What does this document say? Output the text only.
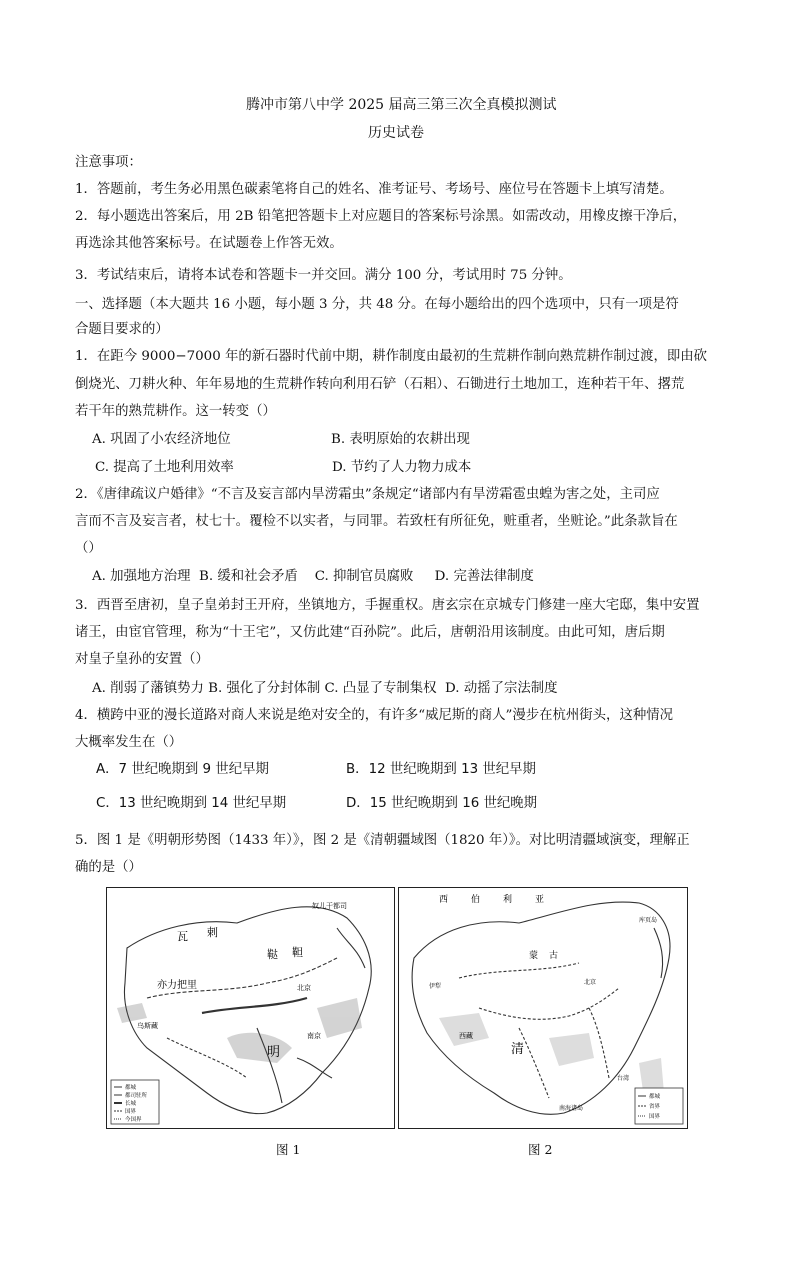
腾冲市第八中学 2025 届高三第三次全真模拟测试
历史试卷
注意事项：
1．答题前，考生务必用黑色碳素笔将自己的姓名、准考证号、考场号、座位号在答题卡上填写清楚。
2．每小题选出答案后，用 2B 铅笔把答题卡上对应题目的答案标号涂黑。如需改动，用橡皮擦干净后，
再选涂其他答案标号。在试题卷上作答无效。
3．考试结束后，请将本试卷和答题卡一并交回。满分 100 分，考试用时 75 分钟。
一、选择题（本大题共 16 小题，每小题 3 分，共 48 分。在每小题给出的四个选项中，只有一项是符
合题目要求的）
1．在距今 9000−7000 年的新石器时代前中期，耕作制度由最初的生荒耕作制向熟荒耕作制过渡，即由砍
倒烧光、刀耕火种、年年易地的生荒耕作转向利用石铲（石耜）、石锄进行土地加工，连种若干年、撂荒
若干年的熟荒耕作。这一转变（）
A. 巩固了小农经济地位	B. 表明原始的农耕出现
C. 提高了土地利用效率	D. 节约了人力物力成本
2．《唐律疏议户婚律》“不言及妄言部内旱涝霜虫”条规定“诸部内有旱涝霜雹虫蝗为害之处，主司应
言而不言及妄言者，杖七十。覆检不以实者，与同罪。若致枉有所征免，赃重者，坐赃论。”此条款旨在
（）
A. 加强地方治理  B. 缓和社会矛盾    C. 抑制官员腐败     D. 完善法律制度
3．西晋至唐初，皇子皇弟封王开府，坐镇地方，手握重权。唐玄宗在京城专门修建一座大宅邸，集中安置
诸王，由宦官管理，称为“十王宅”，又仿此建“百孙院”。此后，唐朝沿用该制度。由此可知，唐后期
对皇子皇孙的安置（）
A. 削弱了藩镇势力 B. 强化了分封体制 C. 凸显了专制集权  D. 动摇了宗法制度
4．横跨中亚的漫长道路对商人来说是绝对安全的，有许多“威尼斯的商人”漫步在杭州街头，这种情况
大概率发生在（）
A．7 世纪晚期到 9 世纪早期	B．12 世纪晚期到 13 世纪早期
C．13 世纪晚期到 14 世纪早期	D．15 世纪晚期到 16 世纪晚期
5．图 1 是《明朝形势图（1433 年）》，图 2 是《清朝疆域图（1820 年）》。对比明清疆域演变，理解正
确的是（）
瓦 剌
鞑 靼
亦力把里
明
奴儿干都司
北京
南京
乌斯藏
都城
都司驻所
长城
国界
今国界
西	伯	利	亚
清
库页岛
北京
台湾
南海诸岛
伊犁
蒙 古
西藏
都城
省界
国界
图 1	图 2
